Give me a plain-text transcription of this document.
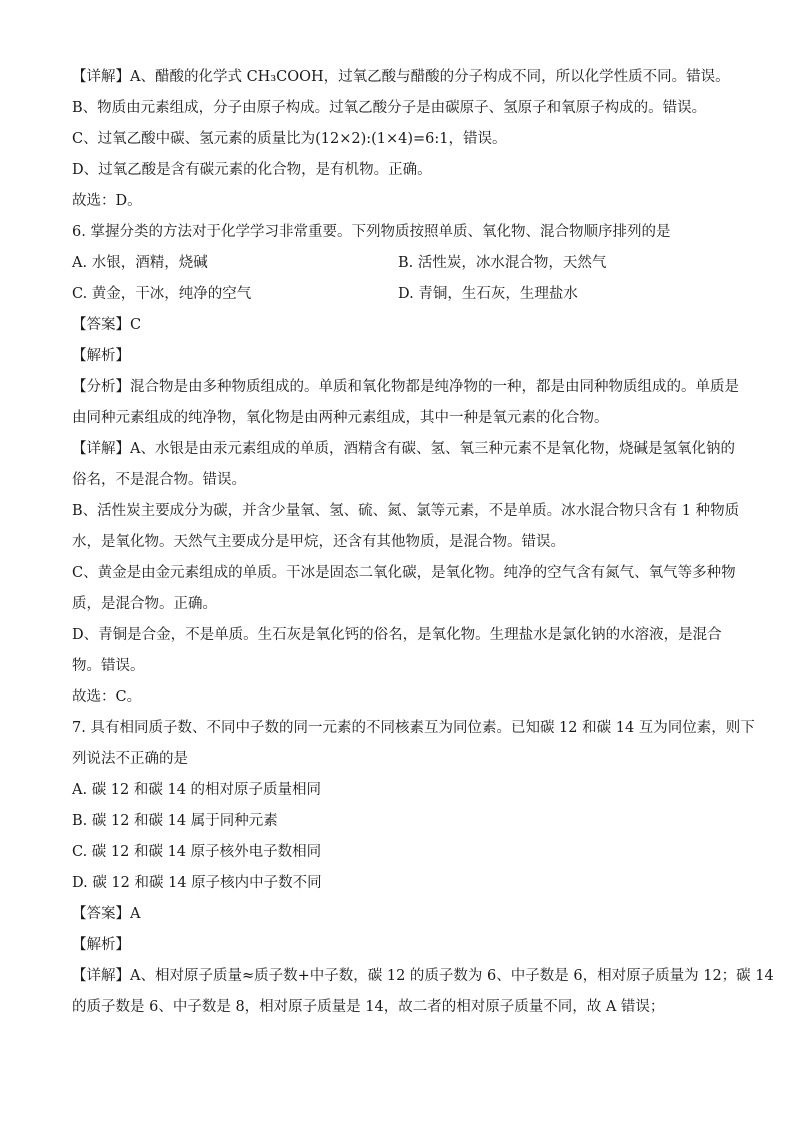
【详解】A、醋酸的化学式 CH₃COOH，过氧乙酸与醋酸的分子构成不同，所以化学性质不同。错误。
B、物质由元素组成，分子由原子构成。过氧乙酸分子是由碳原子、氢原子和氧原子构成的。错误。
C、过氧乙酸中碳、氢元素的质量比为(12×2):(1×4)=6:1，错误。
D、过氧乙酸是含有碳元素的化合物，是有机物。正确。
故选：D。
6. 掌握分类的方法对于化学学习非常重要。下列物质按照单质、氧化物、混合物顺序排列的是
A. 水银，酒精，烧碱	B. 活性炭，冰水混合物，天然气
C. 黄金，干冰，纯净的空气	D. 青铜，生石灰，生理盐水
【答案】C
【解析】
【分析】混合物是由多种物质组成的。单质和氧化物都是纯净物的一种，都是由同种物质组成的。单质是
由同种元素组成的纯净物，氧化物是由两种元素组成，其中一种是氧元素的化合物。
【详解】A、水银是由汞元素组成的单质，酒精含有碳、氢、氧三种元素不是氧化物，烧碱是氢氧化钠的
俗名，不是混合物。错误。
B、活性炭主要成分为碳，并含少量氧、氢、硫、氮、氯等元素，不是单质。冰水混合物只含有 1 种物质
水，是氧化物。天然气主要成分是甲烷，还含有其他物质，是混合物。错误。
C、黄金是由金元素组成的单质。干冰是固态二氧化碳，是氧化物。纯净的空气含有氮气、氧气等多种物
质，是混合物。正确。
D、青铜是合金，不是单质。生石灰是氧化钙的俗名，是氧化物。生理盐水是氯化钠的水溶液，是混合
物。错误。
故选：C。
7. 具有相同质子数、不同中子数的同一元素的不同核素互为同位素。已知碳 12 和碳 14 互为同位素，则下
列说法不正确的是
A. 碳 12 和碳 14 的相对原子质量相同
B. 碳 12 和碳 14 属于同种元素
C. 碳 12 和碳 14 原子核外电子数相同
D. 碳 12 和碳 14 原子核内中子数不同
【答案】A
【解析】
【详解】A、相对原子质量≈质子数+中子数，碳 12 的质子数为 6、中子数是 6，相对原子质量为 12；碳 14
的质子数是 6、中子数是 8，相对原子质量是 14，故二者的相对原子质量不同，故 A 错误；
